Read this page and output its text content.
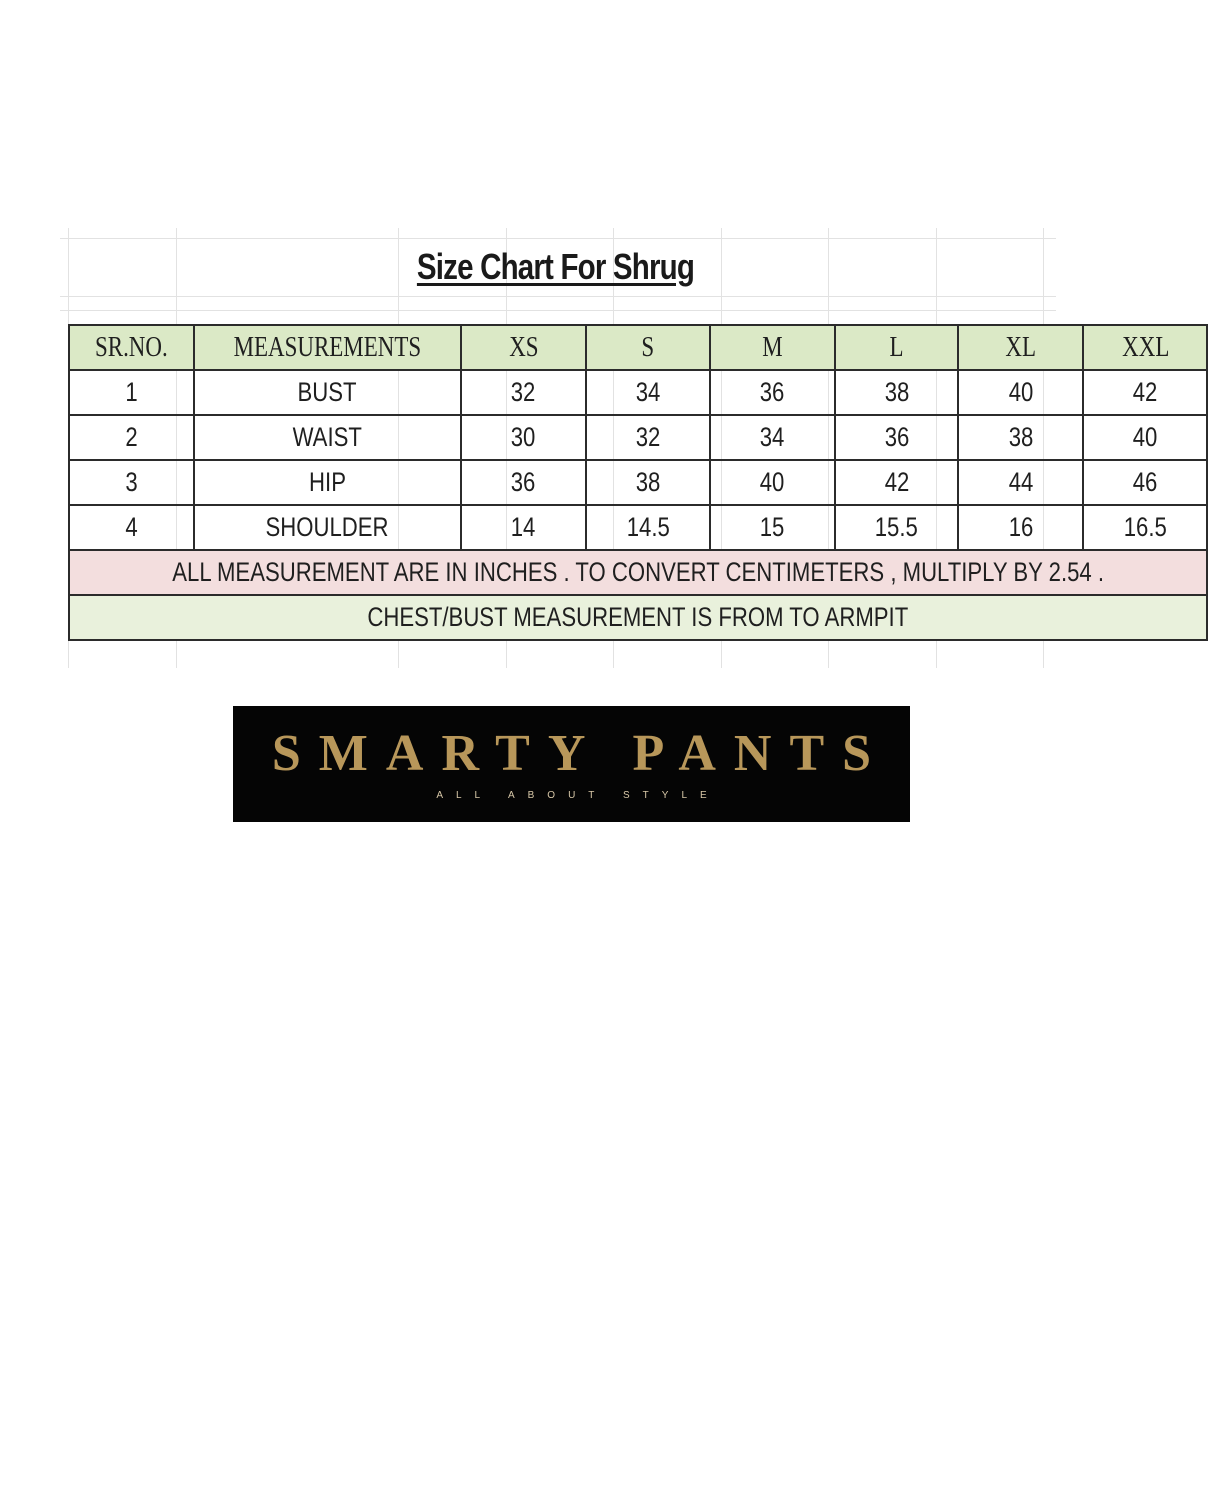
Size Chart For Shrug
SR.NO.	MEASUREMENTS	XS	S	M	L	XL	XXL
1	BUST	32	34	36	38	40	42
2	WAIST	30	32	34	36	38	40
3	HIP	36	38	40	42	44	46
4	SHOULDER	14	14.5	15	15.5	16	16.5
ALL MEASUREMENT ARE IN INCHES . TO CONVERT CENTIMETERS , MULTIPLY BY 2.54 .							
CHEST/BUST MEASUREMENT IS FROM TO ARMPIT							
SMARTY PANTS
ALL ABOUT STYLE
